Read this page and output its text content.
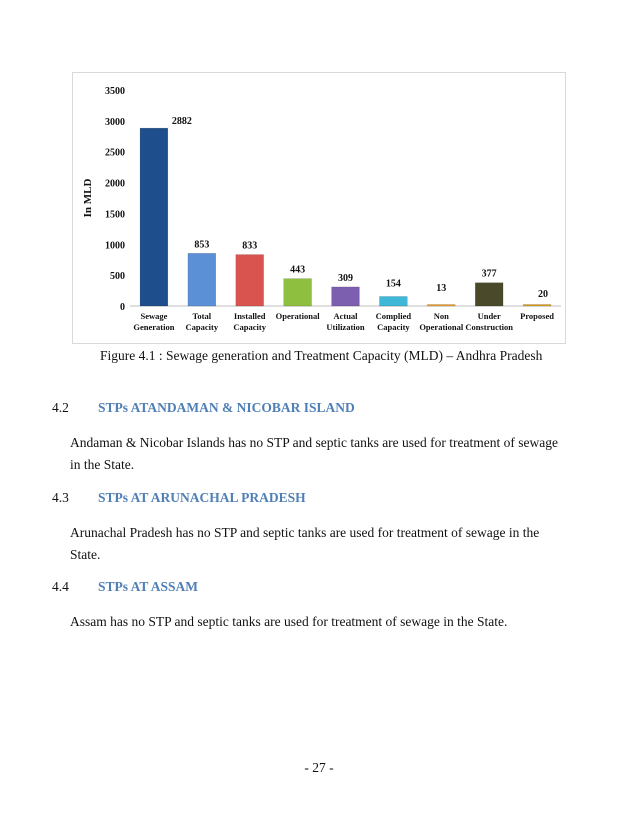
0
500
1000
1500
2000
2500
3000
3500
In MLD
2882
Sewage
Generation
853
Total
Capacity
833
Installed
Capacity
443
Operational
309
Actual
Utilization
154
Complied
Capacity
13
Non
Operational
377
Under
Construction
20
Proposed
Figure 4.1 : Sewage generation and Treatment Capacity (MLD) – Andhra Pradesh
4.2 STPs ATANDAMAN & NICOBAR ISLAND
Andaman & Nicobar Islands has no STP and septic tanks are used for treatment of sewage in the State.
4.3 STPs AT ARUNACHAL PRADESH
Arunachal Pradesh has no STP and septic tanks are used for treatment of sewage in the State.
4.4 STPs AT ASSAM
Assam has no STP and septic tanks are used for treatment of sewage in the State.
- 27 -
